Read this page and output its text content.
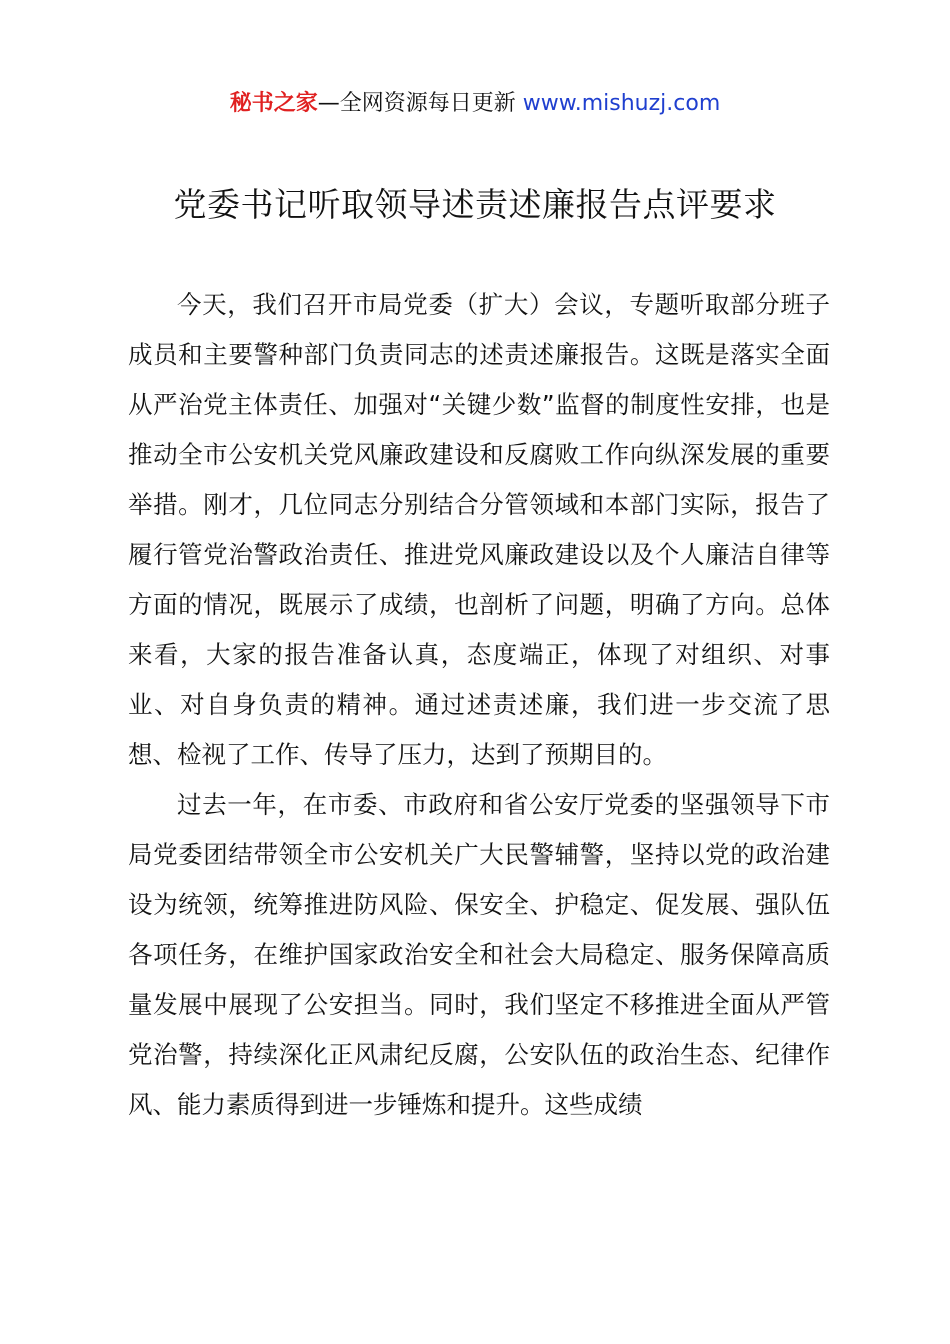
秘书之家—全网资源每日更新 www.mishuzj.com
党委书记听取领导述责述廉报告点评要求

今天，我们召开市局党委（扩大）会议，专题听取部分班子成员和主要警种部门负责同志的述责述廉报告。这既是落实全面从严治党主体责任、加强对“关键少数”监督的制度性安排，也是推动全市公安机关党风廉政建设和反腐败工作向纵深发展的重要举措。刚才，几位同志分别结合分管领域和本部门实际，报告了履行管党治警政治责任、推进党风廉政建设以及个人廉洁自律等方面的情况，既展示了成绩，也剖析了问题，明确了方向。总体来看，大家的报告准备认真，态度端正，体现了对组织、对事业、对自身负责的精神。通过述责述廉，我们进一步交流了思想、检视了工作、传导了压力，达到了预期目的。

过去一年，在市委、市政府和省公安厅党委的坚强领导下市局党委团结带领全市公安机关广大民警辅警，坚持以党的政治建设为统领，统筹推进防风险、保安全、护稳定、促发展、强队伍各项任务，在维护国家政治安全和社会大局稳定、服务保障高质量发展中展现了公安担当。同时，我们坚定不移推进全面从严管党治警，持续深化正风肃纪反腐，公安队伍的政治生态、纪律作风、能力素质得到进一步锤炼和提升。这些成绩
